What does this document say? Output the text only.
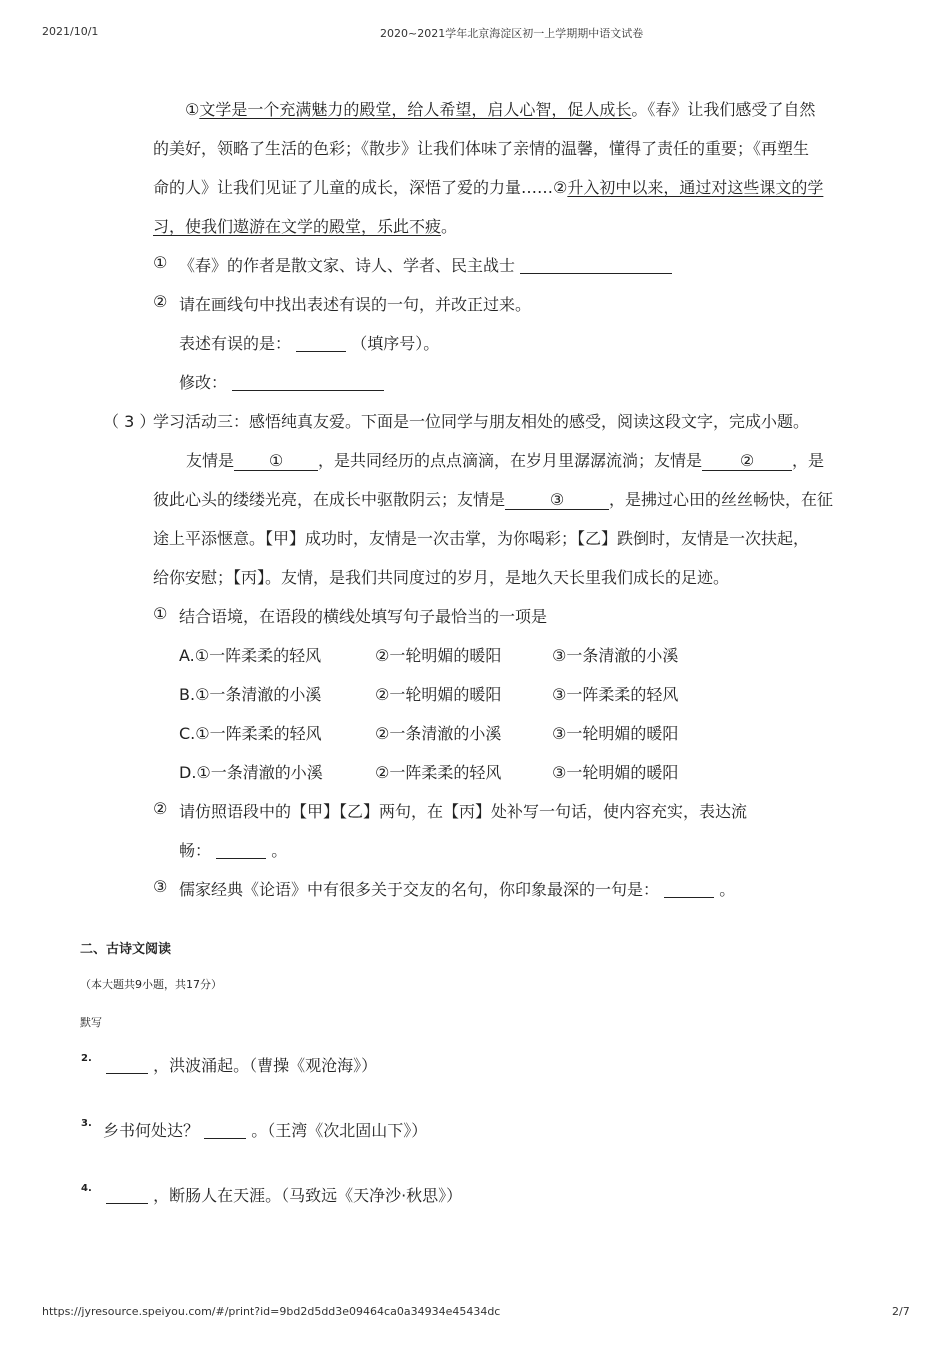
2021/10/1	2020~2021学年北京海淀区初一上学期期中语文试卷
①文学是一个充满魅力的殿堂，给人希望，启人心智，促人成长。《春》让我们感受了自然
的美好，领略了生活的色彩；《散步》让我们体味了亲情的温馨，懂得了责任的重要；《再塑生
命的人》让我们见证了儿童的成长，深悟了爱的力量……②升入初中以来，通过对这些课文的学
习，使我们遨游在文学的殿堂，乐此不疲。
① 《春》的作者是散文家、诗人、学者、民主战士
② 请在画线句中找出表述有误的一句，并改正过来。
表述有误的是：	（填序号）。
修改：
（ 3 ）
学习活动三：感悟纯真友爱。下面是一位同学与朋友相处的感受，阅读这段文字，完成小题。
友情是 ① ，是共同经历的点点滴滴，在岁月里潺潺流淌；友情是 ② ，是
彼此心头的缕缕光亮，在成长中驱散阴云；友情是	③	，是拂过心田的丝丝畅快，在征
途上平添惬意。【甲】成功时，友情是一次击掌，为你喝彩；【乙】跌倒时，友情是一次扶起，
给你安慰；【丙】。友情，是我们共同度过的岁月，是地久天长里我们成长的足迹。
① 结合语境，在语段的横线处填写句子最恰当的一项是
A.①一阵柔柔的轻风	②一轮明媚的暖阳	③一条清澈的小溪
B.①一条清澈的小溪	②一轮明媚的暖阳	③一阵柔柔的轻风
C.①一阵柔柔的轻风	②一条清澈的小溪	③一轮明媚的暖阳
D.①一条清澈的小溪	②一阵柔柔的轻风	③一轮明媚的暖阳
② 请仿照语段中的【甲】【乙】两句，在【丙】处补写一句话，使内容充实，表达流
畅：	。
③ 儒家经典《论语》中有很多关于交友的名句，你印象最深的一句是：	。
二、古诗文阅读
（本大题共9小题，共17分）
默写
2.	，洪波涌起。（曹操《观沧海》）
3. 乡书何处达？	。（王湾《次北固山下》）
4.	，断肠人在天涯。（马致远《天净沙·秋思》）
https://jyresource.speiyou.com/#/print?id=9bd2d5dd3e09464ca0a34934e45434dc	2/7
